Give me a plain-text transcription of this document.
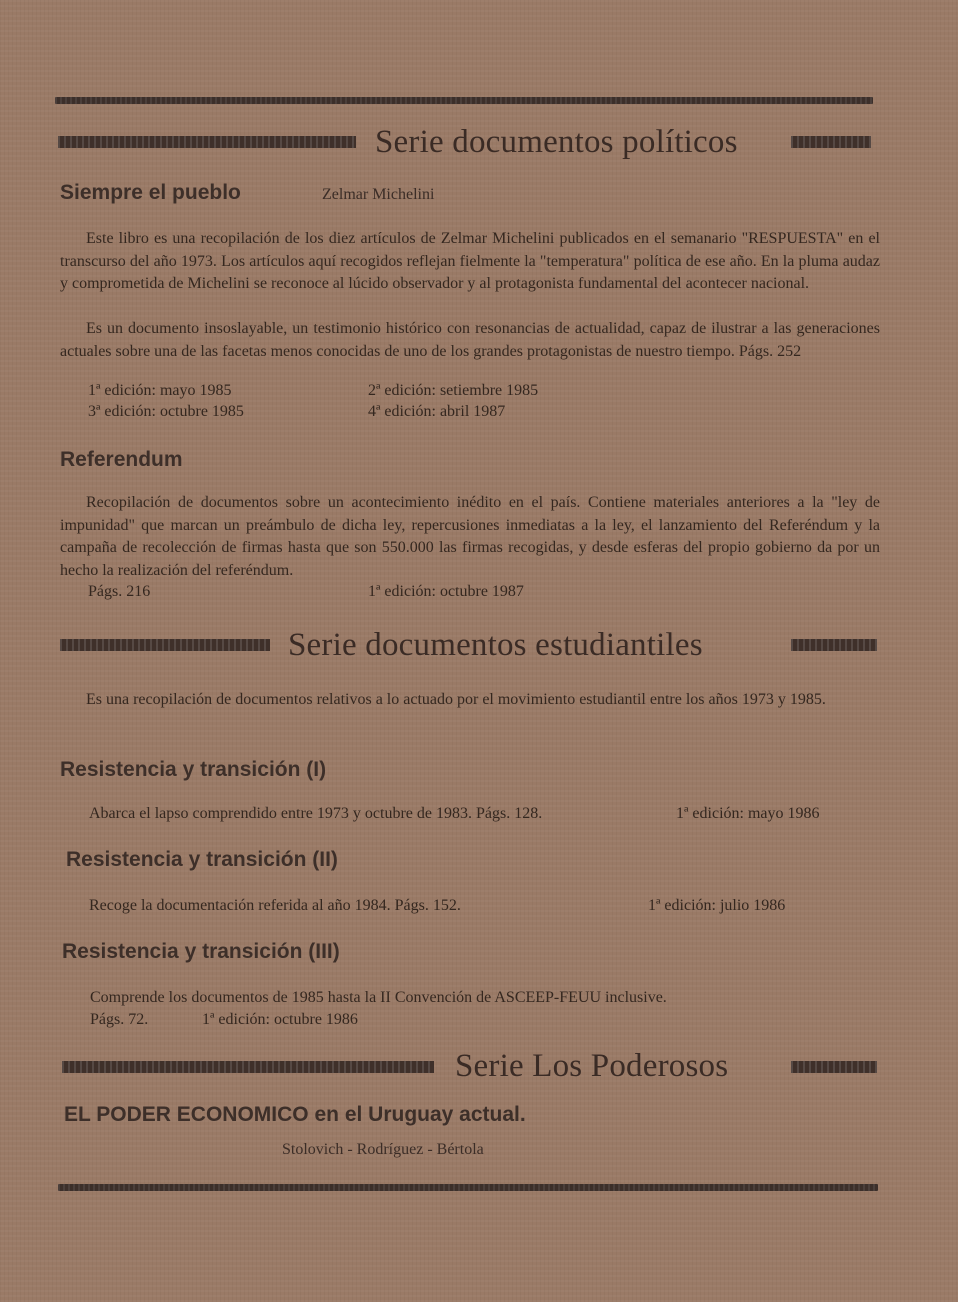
Serie documentos políticos
Siempre el pueblo	Zelmar Michelini

Este libro es una recopilación de los diez artículos de Zelmar Michelini publicados en el semanario "RESPUESTA" en el transcurso del año 1973. Los artículos aquí recogidos reflejan fielmente la "temperatura" política de ese año. En la pluma audaz y comprometida de Michelini se reconoce al lúcido observador y al protagonista fundamental del acontecer nacional.

Es un documento insoslayable, un testimonio histórico con resonancias de actualidad, capaz de ilustrar a las generaciones actuales sobre una de las facetas menos conocidas de uno de los grandes protagonistas de nuestro tiempo. Págs. 252

1ª edición: mayo 1985	2ª edición: setiembre 1985
3ª edición: octubre 1985	4ª edición: abril 1987
Referendum

Recopilación de documentos sobre un acontecimiento inédito en el país. Contiene materiales anteriores a la "ley de impunidad" que marcan un preámbulo de dicha ley, repercusiones inmediatas a la ley, el lanzamiento del Referéndum y la campaña de recolección de firmas hasta que son 550.000 las firmas recogidas, y desde esferas del propio gobierno da por un hecho la realización del referéndum.

Págs. 216	1ª edición: octubre 1987
Serie documentos estudiantiles

Es una recopilación de documentos relativos a lo actuado por el movimiento estudiantil entre los años 1973 y 1985.

Resistencia y transición (I)
Abarca el lapso comprendido entre 1973 y octubre de 1983. Págs. 128.	1ª edición: mayo 1986
Resistencia y transición (II)
Recoge la documentación referida al año 1984. Págs. 152.	1ª edición: julio 1986
Resistencia y transición (III)
Comprende los documentos de 1985 hasta la II Convención de ASCEEP-FEUU inclusive.
Págs. 72.	1ª edición: octubre 1986
Serie Los Poderosos
EL PODER ECONOMICO en el Uruguay actual.
Stolovich - Rodríguez - Bértola
